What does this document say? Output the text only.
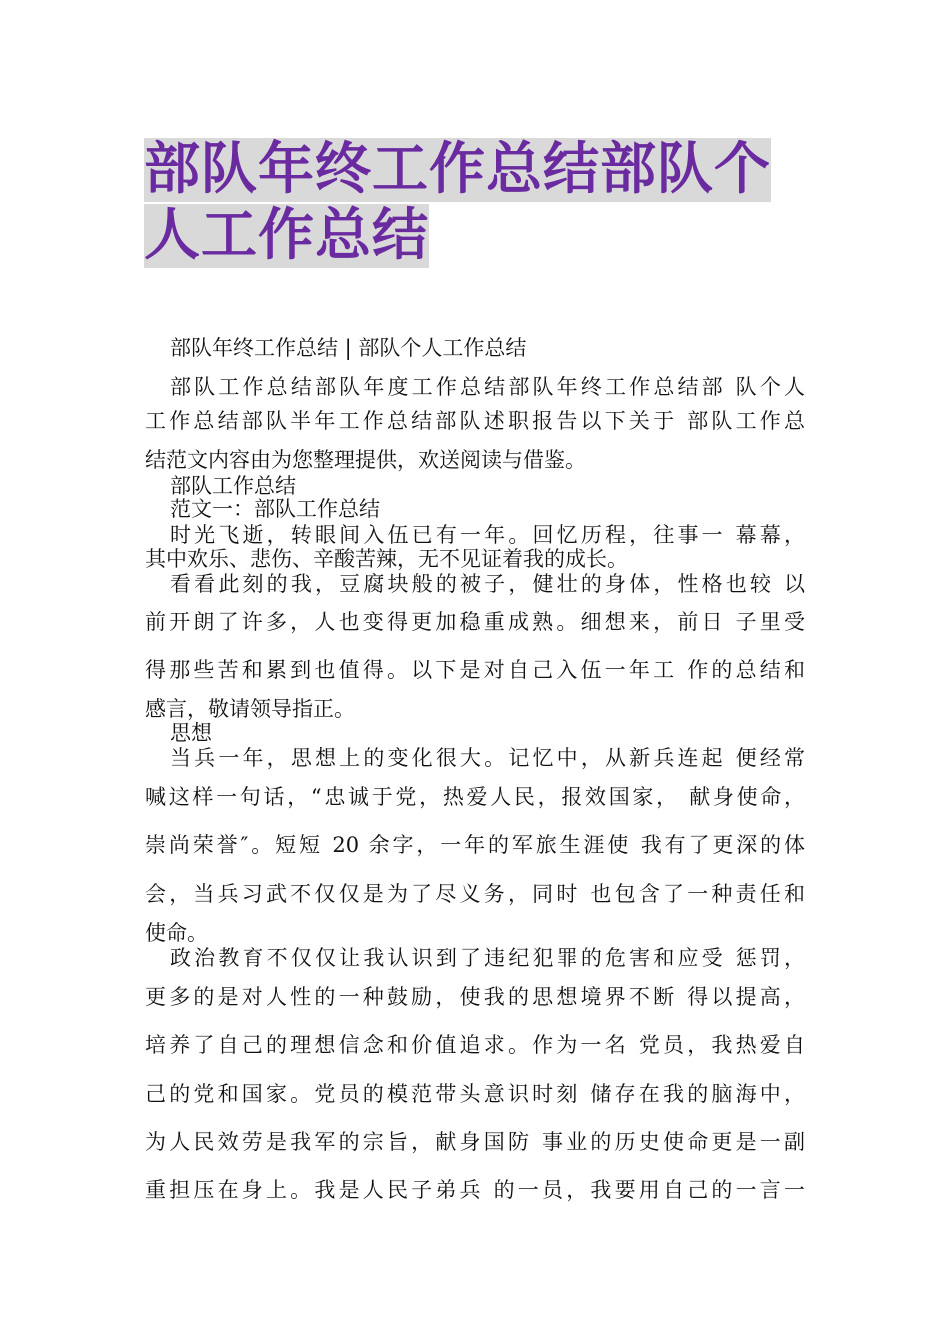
部队年终工作总结部队个
人工作总结
部队年终工作总结 | 部队个人工作总结
部队工作总结部队年度工作总结部队年终工作总结部 队个人
工作总结部队半年工作总结部队述职报告以下关于 部队工作总
结范文内容由为您整理提供，欢送阅读与借鉴。
部队工作总结
范文一：部队工作总结
时光飞逝，转眼间入伍已有一年。回忆历程，往事一 幕幕，
其中欢乐、悲伤、辛酸苦辣，无不见证着我的成长。
看看此刻的我，豆腐块般的被子，健壮的身体，性格也较 以
前开朗了许多，人也变得更加稳重成熟。细想来，前日 子里受
得那些苦和累到也值得。以下是对自己入伍一年工 作的总结和
感言，敬请领导指正。
思想
当兵一年，思想上的变化很大。记忆中，从新兵连起 便经常
喊这样一句话，“忠诚于党，热爱人民，报效国家， 献身使命，
崇尚荣誉″。短短 20 余字，一年的军旅生涯使 我有了更深的体
会，当兵习武不仅仅是为了尽义务，同时 也包含了一种责任和
使命。
政治教育不仅仅让我认识到了违纪犯罪的危害和应受 惩罚，
更多的是对人性的一种鼓励，使我的思想境界不断 得以提高，
培养了自己的理想信念和价值追求。作为一名 党员，我热爱自
己的党和国家。党员的模范带头意识时刻 储存在我的脑海中，
为人民效劳是我军的宗旨，献身国防 事业的历史使命更是一副
重担压在身上。我是人民子弟兵 的一员，我要用自己的一言一
